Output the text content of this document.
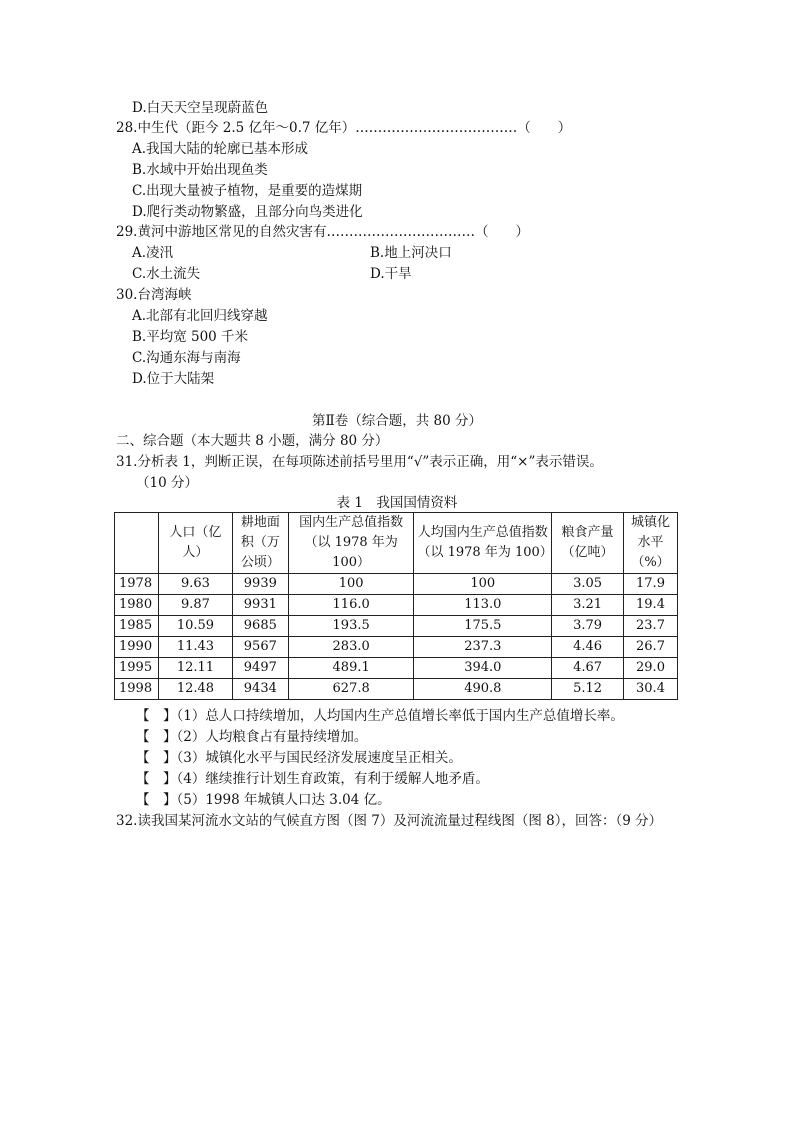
D.白天天空呈现蔚蓝色
28.中生代（距今 2.5 亿年～0.7 亿年）………………………………（　　）
A.我国大陆的轮廓已基本形成
B.水域中开始出现鱼类
C.出现大量被子植物，是重要的造煤期
D.爬行类动物繁盛，且部分向鸟类进化
29.黄河中游地区常见的自然灾害有……………………………（　　）
A.凌汛	B.地上河决口
C.水土流失	D.干旱
30.台湾海峡
A.北部有北回归线穿越
B.平均宽 500 千米
C.沟通东海与南海
D.位于大陆架
第Ⅱ卷（综合题，共 80 分）
二、综合题（本大题共 8 小题，满分 80 分）
31.分析表 1，判断正误，在每项陈述前括号里用“√”表示正确，用“×”表示错误。
（10 分）
表 1　我国国情资料
	人口（亿人）	耕地面积（万公顷）	国内生产总值指数（以 1978 年为 100）	人均国内生产总值指数（以 1978 年为 100）	粮食产量（亿吨）	城镇化水平（%）
1978	9.63	9939	100	100	3.05	17.9
1980	9.87	9931	116.0	113.0	3.21	19.4
1985	10.59	9685	193.5	175.5	3.79	23.7
1990	11.43	9567	283.0	237.3	4.46	26.7
1995	12.11	9497	489.1	394.0	4.67	29.0
1998	12.48	9434	627.8	490.8	5.12	30.4
【　】（1）总人口持续增加，人均国内生产总值增长率低于国内生产总值增长率。
【　】（2）人均粮食占有量持续增加。
【　】（3）城镇化水平与国民经济发展速度呈正相关。
【　】（4）继续推行计划生育政策，有利于缓解人地矛盾。
【　】（5）1998 年城镇人口达 3.04 亿。
32.读我国某河流水文站的气候直方图（图 7）及河流流量过程线图（图 8），回答：（9 分）
